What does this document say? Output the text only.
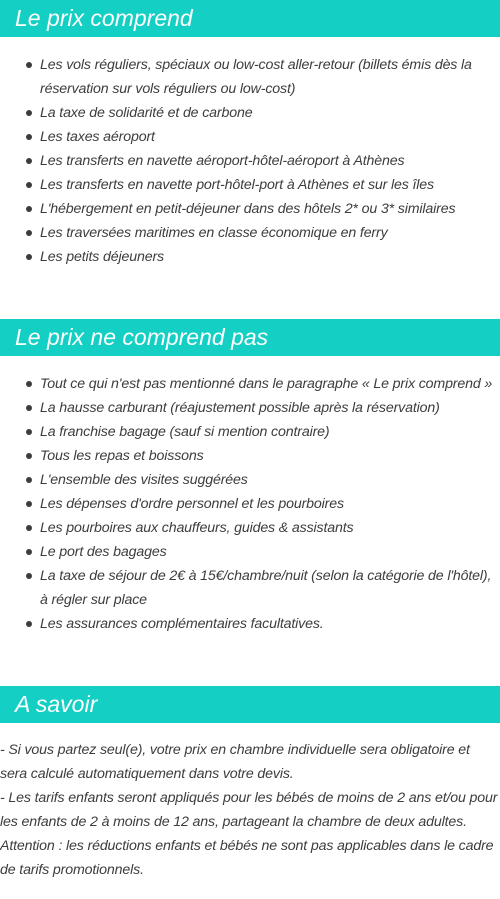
Le prix comprend
Les vols réguliers, spéciaux ou low-cost aller-retour (billets émis dès la réservation sur vols réguliers ou low-cost)
La taxe de solidarité et de carbone
Les taxes aéroport
Les transferts en navette aéroport-hôtel-aéroport à Athènes
Les transferts en navette port-hôtel-port à Athènes et sur les îles
L'hébergement en petit-déjeuner dans des hôtels 2* ou 3* similaires
Les traversées maritimes en classe économique en ferry
Les petits déjeuners
Le prix ne comprend pas
Tout ce qui n'est pas mentionné dans le paragraphe « Le prix comprend »
La hausse carburant (réajustement possible après la réservation)
La franchise bagage (sauf si mention contraire)
Tous les repas et boissons
L'ensemble des visites suggérées
Les dépenses d'ordre personnel et les pourboires
Les pourboires aux chauffeurs, guides & assistants
Le port des bagages
La taxe de séjour de 2€ à 15€/chambre/nuit (selon la catégorie de l'hôtel), à régler sur place
Les assurances complémentaires facultatives.
A savoir

- Si vous partez seul(e), votre prix en chambre individuelle sera obligatoire et sera calculé automatiquement dans votre devis.

- Les tarifs enfants seront appliqués pour les bébés de moins de 2 ans et/ou pour les enfants de 2 à moins de 12 ans, partageant la chambre de deux adultes.

Attention : les réductions enfants et bébés ne sont pas applicables dans le cadre de tarifs promotionnels.
